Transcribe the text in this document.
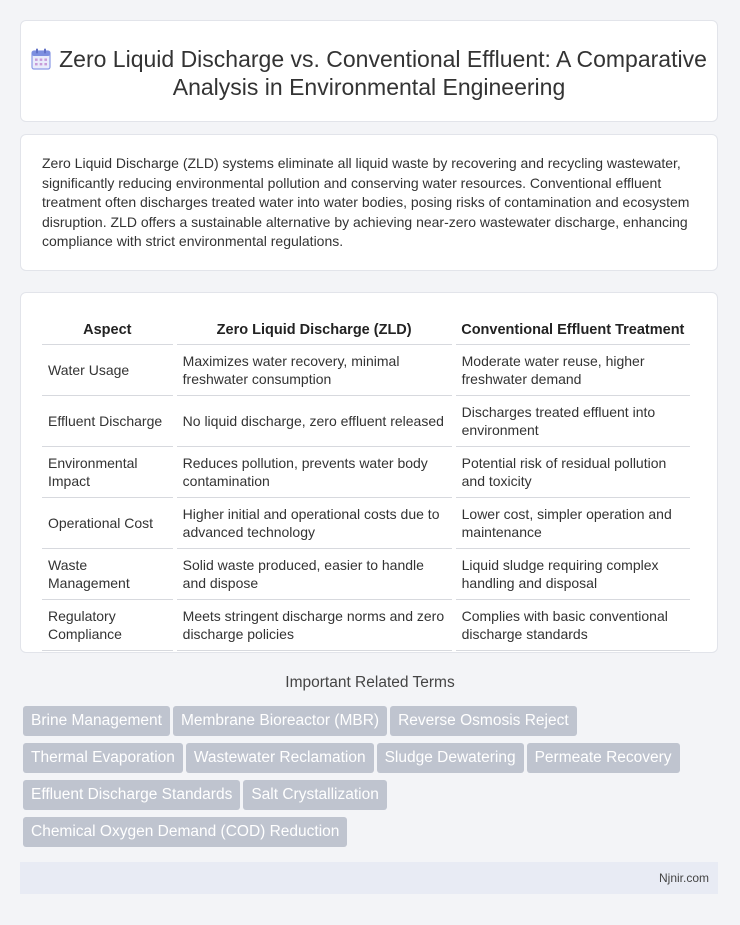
Zero Liquid Discharge vs. Conventional Effluent: A Comparative Analysis in Environmental Engineering
Zero Liquid Discharge (ZLD) systems eliminate all liquid waste by recovering and recycling wastewater, significantly reducing environmental pollution and conserving water resources. Conventional effluent treatment often discharges treated water into water bodies, posing risks of contamination and ecosystem disruption. ZLD offers a sustainable alternative by achieving near-zero wastewater discharge, enhancing compliance with strict environmental regulations.
Aspect	Zero Liquid Discharge (ZLD)	Conventional Effluent Treatment
Water Usage	Maximizes water recovery, minimal freshwater consumption	Moderate water reuse, higher freshwater demand
Effluent Discharge	No liquid discharge, zero effluent released	Discharges treated effluent into environment
Environmental Impact	Reduces pollution, prevents water body contamination	Potential risk of residual pollution and toxicity
Operational Cost	Higher initial and operational costs due to advanced technology	Lower cost, simpler operation and maintenance
Waste Management	Solid waste produced, easier to handle and dispose	Liquid sludge requiring complex handling and disposal
Regulatory Compliance	Meets stringent discharge norms and zero discharge policies	Complies with basic conventional discharge standards
Important Related Terms
Brine Management Membrane Bioreactor (MBR) Reverse Osmosis Reject
Thermal Evaporation Wastewater Reclamation Sludge Dewatering Permeate Recovery
Effluent Discharge Standards Salt Crystallization
Chemical Oxygen Demand (COD) Reduction
Njnir.com
